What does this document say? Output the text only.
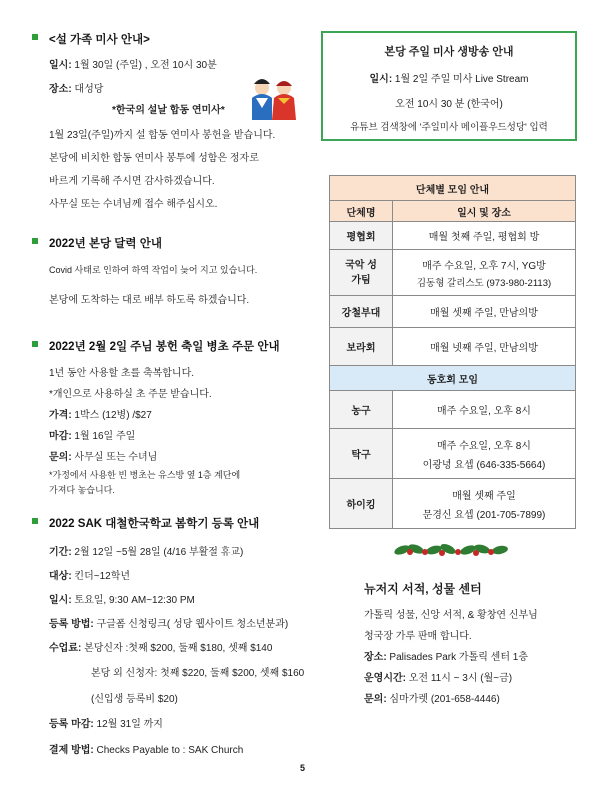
<설 가족 미사 안내>
일시: 1월 30일 (주일) , 오전 10시 30분
장소: 대성당
*한국의 설날 합동 연미사*
1월 23일(주일)까지 설 합동 연미사 봉헌을 받습니다.
본당에 비치한 합동 연미사 봉투에 성함은 정자로
바르게 기록해 주시면 감사하겠습니다.
사무실 또는 수녀님께 접수 해주십시오.
2022년 본당 달력 안내
Covid 사태로 인하여 하역 작업이 늦어 지고 있습니다.
본당에 도착하는 대로 배부 하도록 하겠습니다.
2022년 2월 2일 주님 봉헌 축일 병초 주문 안내
1년 동안 사용할 초를 축복합니다.
*개인으로 사용하실 초 주문 받습니다.
가격: 1박스 (12병) /$27
마감: 1월 16일 주일
문의: 사무실 또는 수녀님
*가정에서 사용한 빈 병초는 유스방 옆 1층 계단에
가져다 놓습니다.
2022 SAK 대철한국학교 봄학기 등록 안내
기간: 2월 12일 ~5월 28일 (4/16 부활절 휴교)
대상: 킨더~12학년
일시: 토요일, 9:30 AM~12:30 PM
등록 방법: 구글폼 신청링크( 성당 웹사이트 청소년분과)
수업료: 본당신자 :첫째 $200, 둘째 $180, 셋째 $140
본당 외 신청자: 첫째 $220, 둘째 $200, 셋째 $160
(신입생 등록비 $20)
등록 마감: 12월 31일 까지
결제 방법: Checks Payable to : SAK Church
본당 주일 미사 생방송 안내
일시: 1월 2일 주일 미사 Live Stream
오전 10시 30 분 (한국어)
유튜브 검색창에 '주일미사 메이플우드성당' 입력
단체별 모임 안내	
단체명	일시 및 장소
평협회	매월 첫째 주일, 평협회 방

국악 성가팀	매주 수요일, 오후 7시, YG방
김동형 갈리스도 (973-980-2113)

강철부대	매월 셋째 주일, 만남의방
보라회	매월 넷째 주일, 만남의방
동호회 모임	
농구	매주 수요일, 오후 8시
탁구	매주 수요일, 오후 8시
이광녕 요셉 (646-335-5664)

하이킹	매월 셋째 주일
문경신 요셉 (201-705-7899)
뉴저지 서적, 성물 센터
가톨릭 성물, 신앙 서적, & 황창연 신부님
청국장 가루 판매 합니다.
장소: Palisades Park 가톨릭 센터 1층
운영시간: 오전 11시 ~ 3시 (월~금)
문의: 심마가렛 (201-658-4446)
5
